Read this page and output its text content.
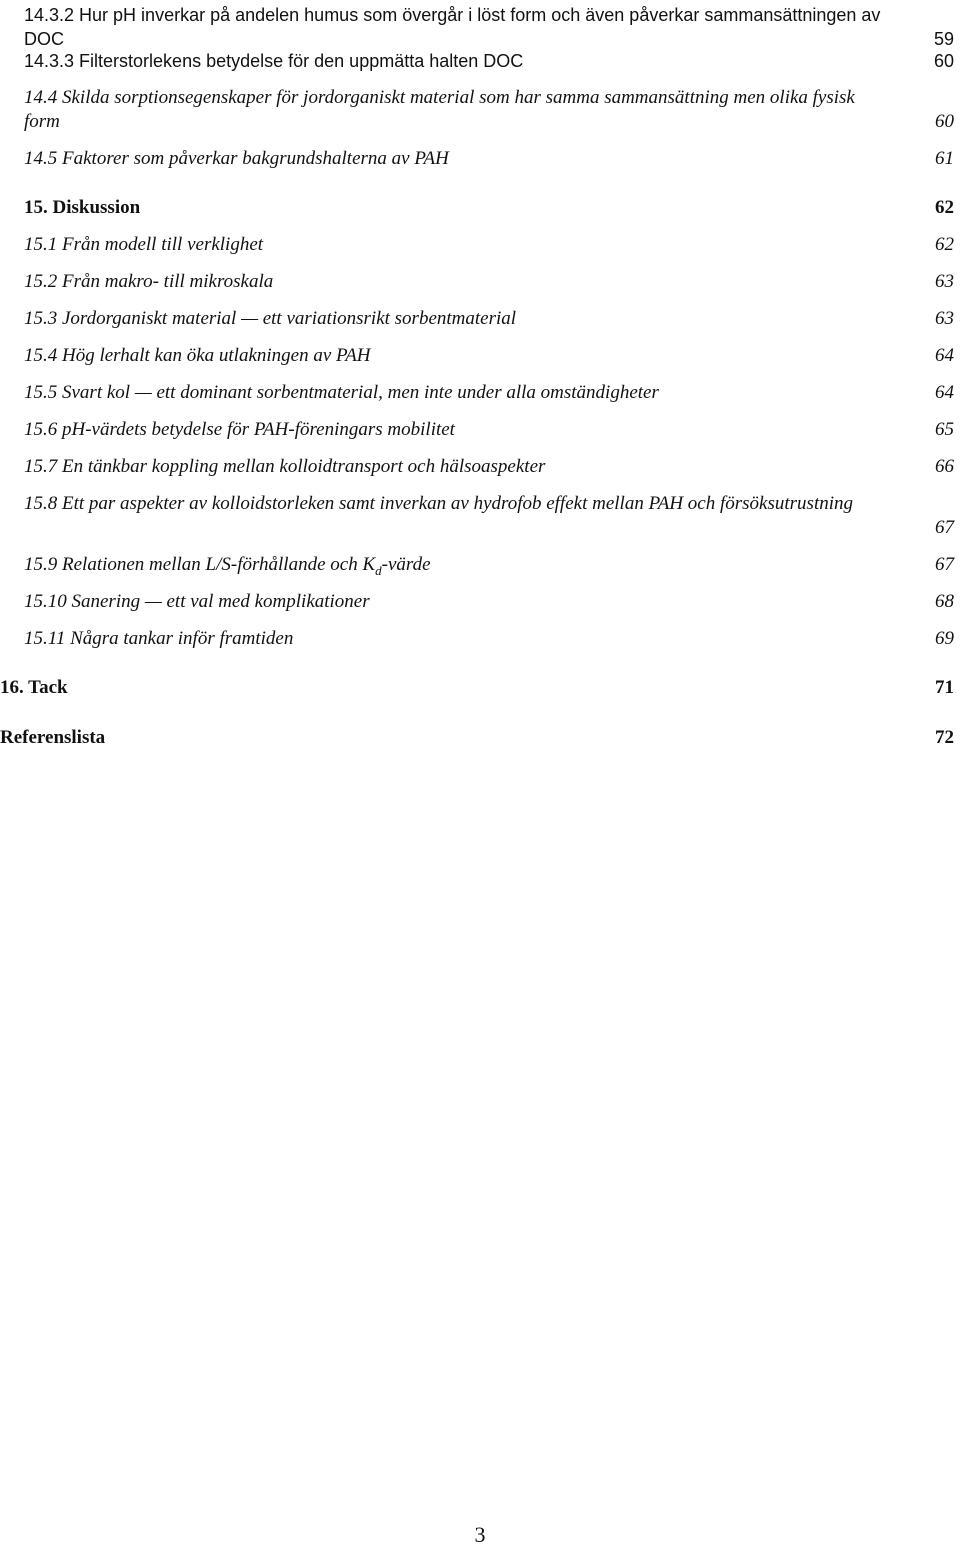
14.3.2 Hur pH inverkar på andelen humus som övergår i löst form och även påverkar sammansättningen av
DOC	59
14.3.3 Filterstorlekens betydelse för den uppmätta halten DOC	60
14.4 Skilda sorptionsegenskaper för jordorganiskt material som har samma sammansättning men olika fysisk
form	60
14.5 Faktorer som påverkar bakgrundshalterna av PAH	61
15. Diskussion	62
15.1 Från modell till verklighet	62
15.2 Från makro- till mikroskala	63
15.3 Jordorganiskt material — ett variationsrikt sorbentmaterial	63
15.4 Hög lerhalt kan öka utlakningen av PAH	64
15.5 Svart kol — ett dominant sorbentmaterial, men inte under alla omständigheter	64
15.6 pH-värdets betydelse för PAH-föreningars mobilitet	65
15.7 En tänkbar koppling mellan kolloidtransport och hälsoaspekter	66
15.8 Ett par aspekter av kolloidstorleken samt inverkan av hydrofob effekt mellan PAH och försöksutrustning
67
15.9 Relationen mellan L/S-förhållande och $K_d$-värde	67
15.10 Sanering — ett val med komplikationer	68
15.11 Några tankar inför framtiden	69
16. Tack	71
Referenslista	72
3
